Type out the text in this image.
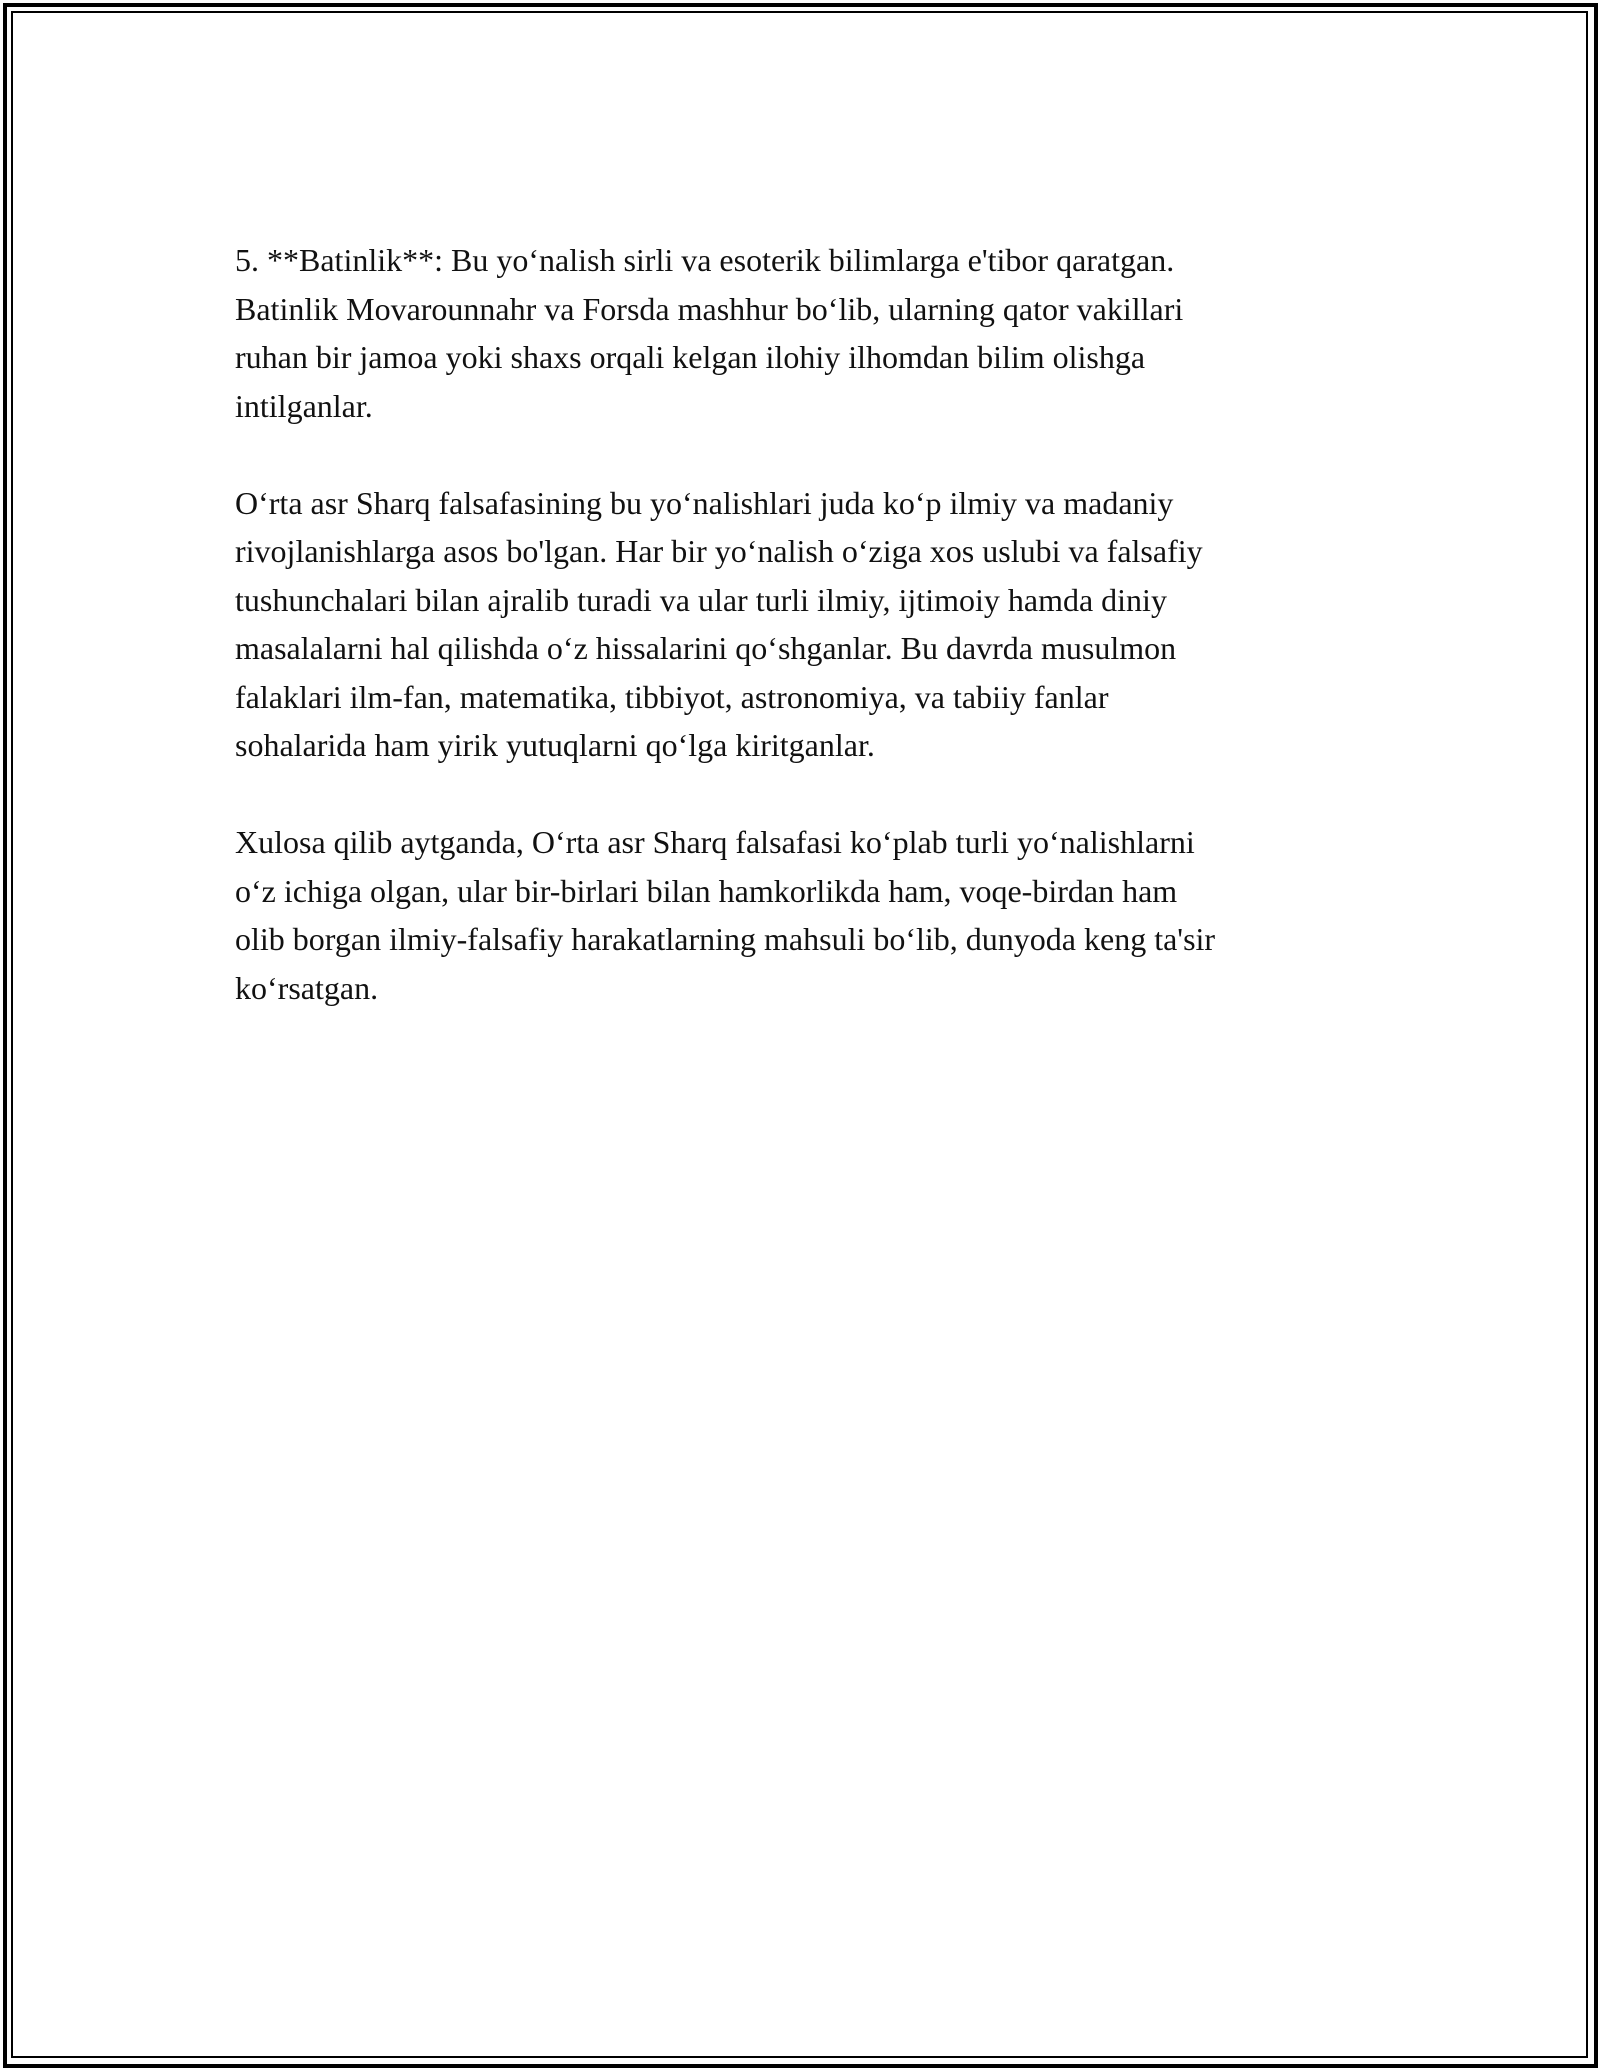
5. **Batinlik**: Bu yo‘nalish sirli va esoterik bilimlarga e'tibor qaratgan.
Batinlik Movarounnahr va Forsda mashhur bo‘lib, ularning qator vakillari
ruhan bir jamoa yoki shaxs orqali kelgan ilohiy ilhomdan bilim olishga
intilganlar.

O‘rta asr Sharq falsafasining bu yo‘nalishlari juda ko‘p ilmiy va madaniy
rivojlanishlarga asos bo'lgan. Har bir yo‘nalish o‘ziga xos uslubi va falsafiy
tushunchalari bilan ajralib turadi va ular turli ilmiy, ijtimoiy hamda diniy
masalalarni hal qilishda o‘z hissalarini qo‘shganlar. Bu davrda musulmon
falaklari ilm-fan, matematika, tibbiyot, astronomiya, va tabiiy fanlar
sohalarida ham yirik yutuqlarni qo‘lga kiritganlar.

Xulosa qilib aytganda, O‘rta asr Sharq falsafasi ko‘plab turli yo‘nalishlarni
o‘z ichiga olgan, ular bir-birlari bilan hamkorlikda ham, voqe-birdan ham
olib borgan ilmiy-falsafiy harakatlarning mahsuli bo‘lib, dunyoda keng ta'sir
ko‘rsatgan.
